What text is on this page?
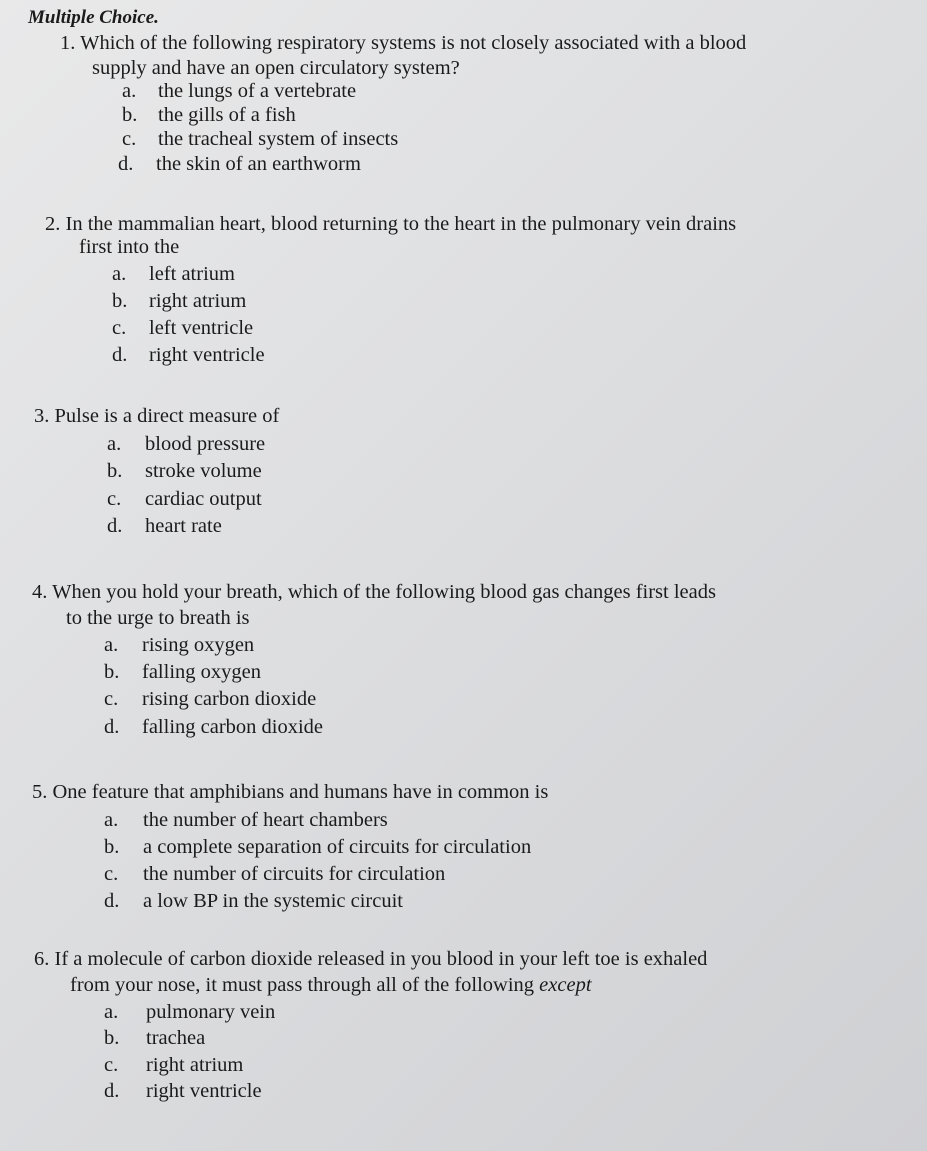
Multiple Choice.
1. Which of the following respiratory systems is not closely associated with a blood
supply and have an open circulatory system?
a. the lungs of a vertebrate
b. the gills of a fish
c. the tracheal system of insects
d. the skin of an earthworm
2. In the mammalian heart, blood returning to the heart in the pulmonary vein drains
first into the
a. left atrium
b. right atrium
c. left ventricle
d. right ventricle
3. Pulse is a direct measure of
a. blood pressure
b. stroke volume
c. cardiac output
d. heart rate
4. When you hold your breath, which of the following blood gas changes first leads
to the urge to breath is
a. rising oxygen
b. falling oxygen
c. rising carbon dioxide
d. falling carbon dioxide
5. One feature that amphibians and humans have in common is
a. the number of heart chambers
b. a complete separation of circuits for circulation
c. the number of circuits for circulation
d. a low BP in the systemic circuit
6. If a molecule of carbon dioxide released in you blood in your left toe is exhaled
from your nose, it must pass through all of the following except
a. pulmonary vein
b. trachea
c. right atrium
d. right ventricle
